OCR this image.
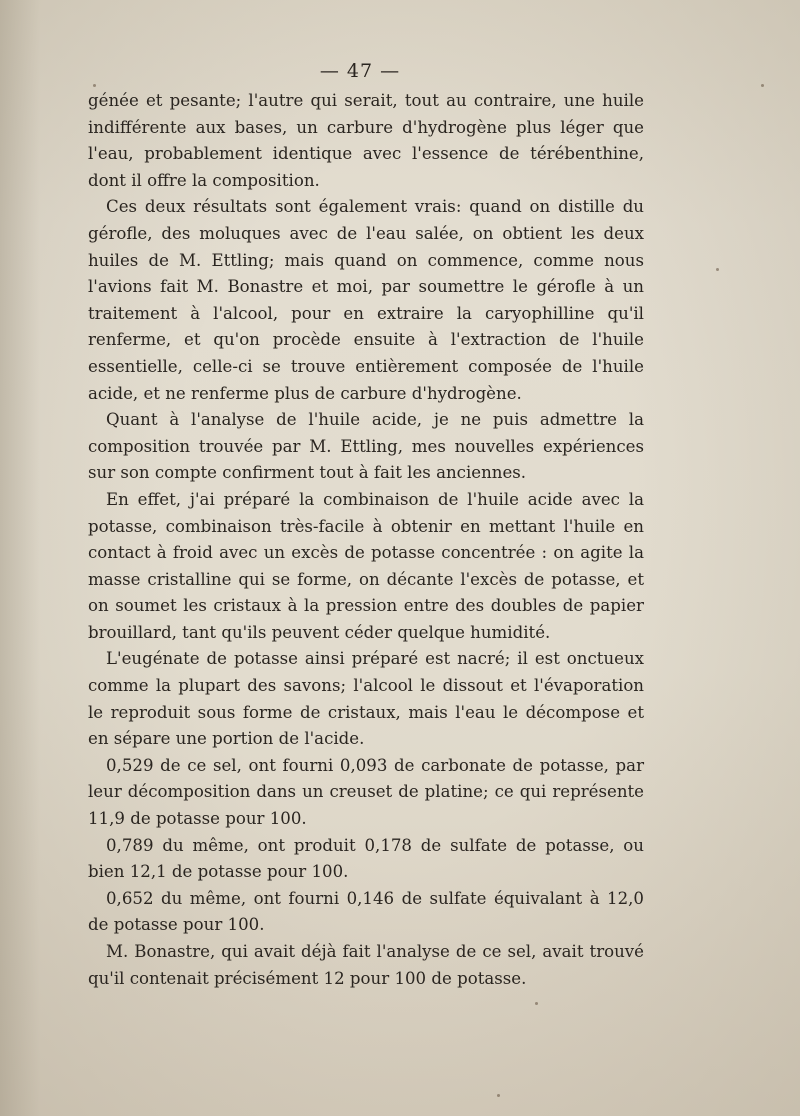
— 47 —

génée et pesante; l'autre qui serait, tout au contraire, une huile indifférente aux bases, un carbure d'hydrogène plus léger que l'eau, probablement identique avec l'essence de térébenthine, dont il offre la composition.

Ces deux résultats sont également vrais: quand on distille du gérofle, des moluques avec de l'eau salée, on obtient les deux huiles de M. Ettling; mais quand on commence, comme nous l'avions fait M. Bonastre et moi, par soumettre le gérofle à un traitement à l'alcool, pour en extraire la caryophilline qu'il renferme, et qu'on procède ensuite à l'extraction de l'huile essentielle, celle-ci se trouve entièrement composée de l'huile acide, et ne renferme plus de carbure d'hydrogène.

Quant à l'analyse de l'huile acide, je ne puis admettre la composition trouvée par M. Ettling, mes nouvelles expériences sur son compte confirment tout à fait les anciennes.

En effet, j'ai préparé la combinaison de l'huile acide avec la potasse, combinaison très-facile à obtenir en mettant l'huile en contact à froid avec un excès de potasse concentrée : on agite la masse cristalline qui se forme, on décante l'excès de potasse, et on soumet les cristaux à la pression entre des doubles de papier brouillard, tant qu'ils peuvent céder quelque humidité.

L'eugénate de potasse ainsi préparé est nacré; il est onctueux comme la plupart des savons; l'alcool le dissout et l'évaporation le reproduit sous forme de cristaux, mais l'eau le décompose et en sépare une portion de l'acide.

0,529 de ce sel, ont fourni 0,093 de carbonate de potasse, par leur décomposition dans un creuset de platine; ce qui représente 11,9 de potasse pour 100.

0,789 du même, ont produit 0,178 de sulfate de potasse, ou bien 12,1 de potasse pour 100.

0,652 du même, ont fourni 0,146 de sulfate équivalant à 12,0 de potasse pour 100.

M. Bonastre, qui avait déjà fait l'analyse de ce sel, avait trouvé qu'il contenait précisément 12 pour 100 de potasse.
